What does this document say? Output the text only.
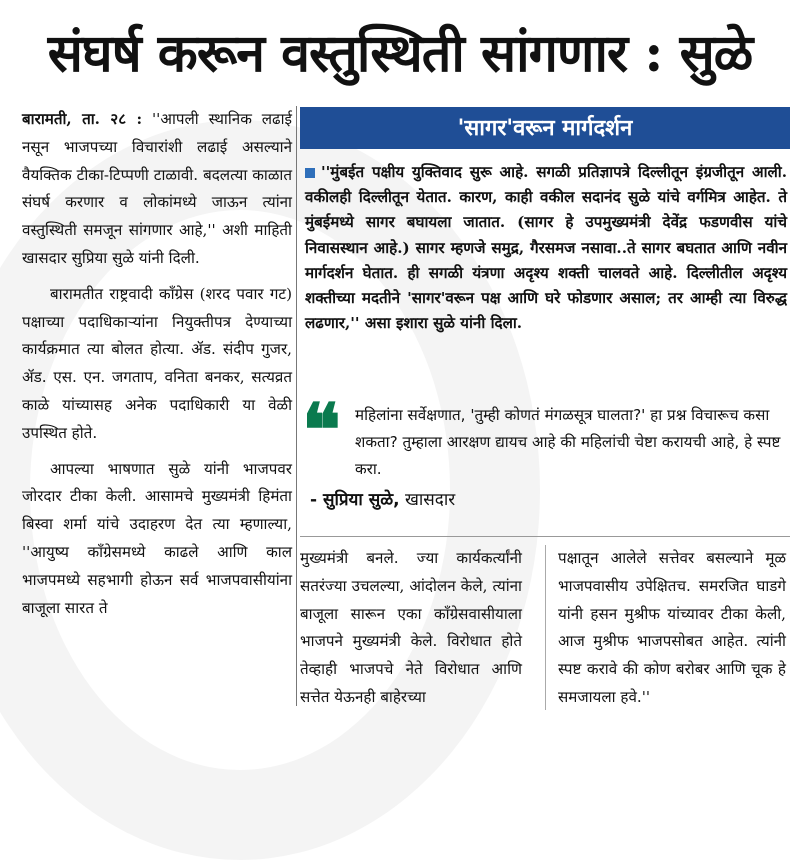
संघर्ष करून वस्तुस्थिती सांगणार : सुळे

बारामती, ता. २८ : ''आपली स्थानिक लढाई नसून भाजपच्या विचारांशी लढाई असल्याने वैयक्तिक टीका-टिप्पणी टाळावी. बदलत्या काळात संघर्ष करणार व लोकांमध्ये जाऊन त्यांना वस्तुस्थिती समजून सांगणार आहे,'' अशी माहिती खासदार सुप्रिया सुळे यांनी दिली.

बारामतीत राष्ट्रवादी काँग्रेस (शरद पवार गट) पक्षाच्या पदाधिकाऱ्यांना नियुक्तीपत्र देण्याच्या कार्यक्रमात त्या बोलत होत्या. ॲड. संदीप गुजर, ॲड. एस. एन. जगताप, वनिता बनकर, सत्यव्रत काळे यांच्यासह अनेक पदाधिकारी या वेळी उपस्थित होते.

आपल्या भाषणात सुळे यांनी भाजपवर जोरदार टीका केली. आसामचे मुख्यमंत्री हिमंता बिस्वा शर्मा यांचे उदाहरण देत त्या म्हणाल्या, ''आयुष्य काँग्रेसमध्ये काढले आणि काल भाजपमध्ये सहभागी होऊन सर्व भाजपवासीयांना बाजूला सारत ते

'सागर'वरून मार्गदर्शन
''मुंबईत पक्षीय युक्तिवाद सुरू आहे. सगळी प्रतिज्ञापत्रे दिल्लीतून इंग्रजीतून आली. वकीलही दिल्लीतून येतात. कारण, काही वकील सदानंद सुळे यांचे वर्गमित्र आहेत. ते मुंबईमध्ये सागर बघायला जातात. (सागर हे उपमुख्यमंत्री देवेंद्र फडणवीस यांचे निवासस्थान आहे.) सागर म्हणजे समुद्र, गैरसमज नसावा..ते सागर बघतात आणि नवीन मार्गदर्शन घेतात. ही सगळी यंत्रणा अदृश्य शक्ती चालवते आहे. दिल्लीतील अदृश्य शक्तीच्या मदतीने 'सागर'वरून पक्ष आणि घरे फोडणार असाल; तर आम्ही त्या विरुद्ध लढणार,'' असा इशारा सुळे यांनी दिला.
❝ महिलांना सर्वेक्षणात, 'तुम्ही कोणतं मंगळसूत्र घालता?' हा प्रश्न विचारूच कसा शकता? तुम्हाला आरक्षण द्यायच आहे की महिलांची चेष्टा करायची आहे, हे स्पष्ट करा.
- सुप्रिया सुळे, खासदार

मुख्यमंत्री बनले. ज्या कार्यकर्त्यांनी सतरंज्या उचलल्या, आंदोलन केले, त्यांना बाजूला सारून एका काँग्रेसवासीयाला भाजपने मुख्यमंत्री केले. विरोधात होते तेव्हाही भाजपचे नेते विरोधात आणि सत्तेत येऊनही बाहेरच्या

पक्षातून आलेले सत्तेवर बसल्याने मूळ भाजपवासीय उपेक्षितच. समरजित घाडगे यांनी हसन मुश्रीफ यांच्यावर टीका केली, आज मुश्रीफ भाजपसोबत आहेत. त्यांनी स्पष्ट करावे की कोण बरोबर आणि चूक हे समजायला हवे.''
